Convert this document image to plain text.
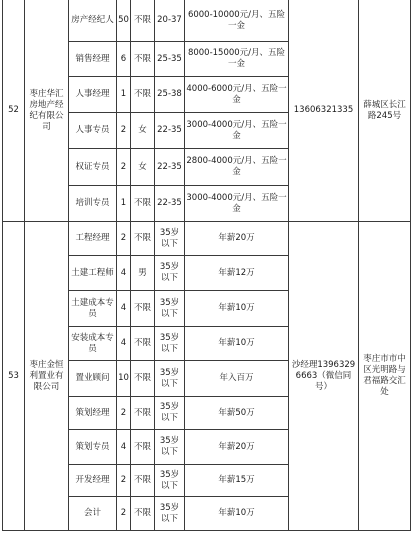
52	枣庄华汇房地产经纪有限公司	房产经纪人	50	不限	20-37	6000-10000元/月、五险一金	13606321335	薛城区长江路245号
		销售经理	6	不限	25-35	8000-15000元/月、五险一金		
		人事经理	1	不限	25-38	4000-6000元/月、五险一金		
		人事专员	2	女	22-35	3000-4000元/月、五险一金		
		权证专员	2	女	22-35	2800-4000元/月、五险一金		
		培训专员	1	不限	22-35	3000-4000元/月、五险一金		
53	枣庄金恒利置业有限公司	工程经理	2	不限	35岁以下	年薪20万	沙经理13963296663（微信同号）	枣庄市市中区光明路与君福路交汇处
		土建工程师	4	男	35岁以下	年薪12万		
		土建成本专员	4	不限	35岁以下	年薪10万		
		安装成本专员	4	不限	35岁以下	年薪10万		
		置业顾问	10	不限	35岁以下	年入百万		
		策划经理	2	不限	35岁以下	年薪50万		
		策划专员	4	不限	35岁以下	年薪20万		
		开发经理	2	不限	35岁以下	年薪15万		
		会计	2	不限	35岁以下	年薪10万		
